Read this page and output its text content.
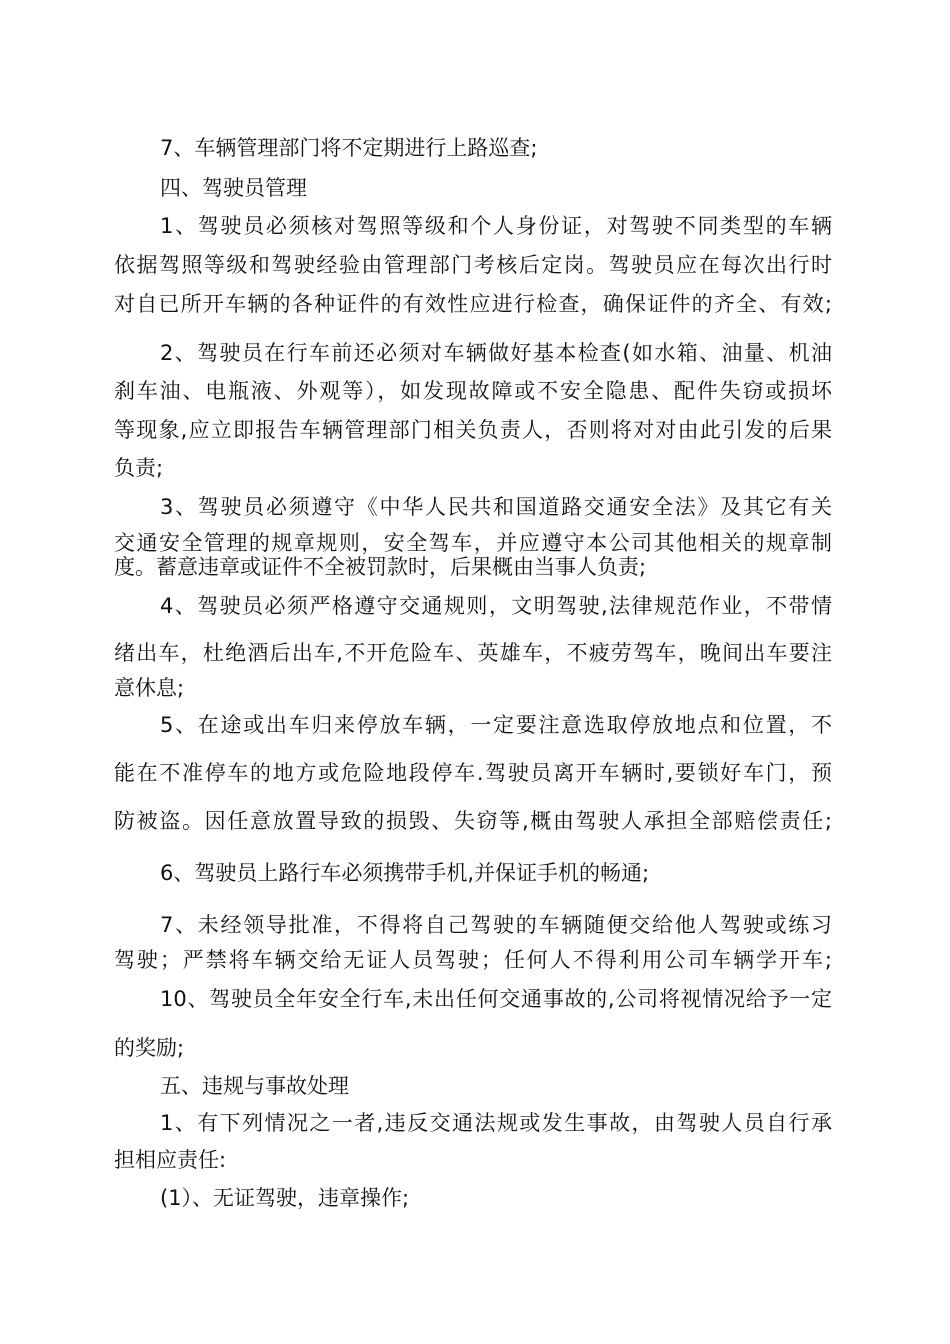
7、车辆管理部门将不定期进行上路巡查;
四、驾驶员管理
1、驾驶员必须核对驾照等级和个人身份证，对驾驶不同类型的车辆
依据驾照等级和驾驶经验由管理部门考核后定岗。驾驶员应在每次出行时
对自已所开车辆的各种证件的有效性应进行检查，确保证件的齐全、有效;
2、驾驶员在行车前还必须对车辆做好基本检查(如水箱、油量、机油
刹车油、电瓶液、外观等），如发现故障或不安全隐患、配件失窃或损坏
等现象,应立即报告车辆管理部门相关负责人，否则将对对由此引发的后果
负责;
3、驾驶员必须遵守《中华人民共和国道路交通安全法》及其它有关
交通安全管理的规章规则，安全驾车，并应遵守本公司其他相关的规章制
度。蓄意违章或证件不全被罚款时，后果概由当事人负责;
4、驾驶员必须严格遵守交通规则，文明驾驶,法律规范作业，不带情
绪出车，杜绝酒后出车,不开危险车、英雄车，不疲劳驾车，晚间出车要注
意休息;
5、在途或出车归来停放车辆，一定要注意选取停放地点和位置，不
能在不准停车的地方或危险地段停车.驾驶员离开车辆时,要锁好车门，预
防被盗。因任意放置导致的损毁、失窃等,概由驾驶人承担全部赔偿责任;
6、驾驶员上路行车必须携带手机,并保证手机的畅通;
7、未经领导批准，不得将自己驾驶的车辆随便交给他人驾驶或练习
驾驶；严禁将车辆交给无证人员驾驶；任何人不得利用公司车辆学开车;
10、驾驶员全年安全行车,未出任何交通事故的,公司将视情况给予一定
的奖励;
五、违规与事故处理
1、有下列情况之一者,违反交通法规或发生事故，由驾驶人员自行承
担相应责任:
(1）、无证驾驶，违章操作;
